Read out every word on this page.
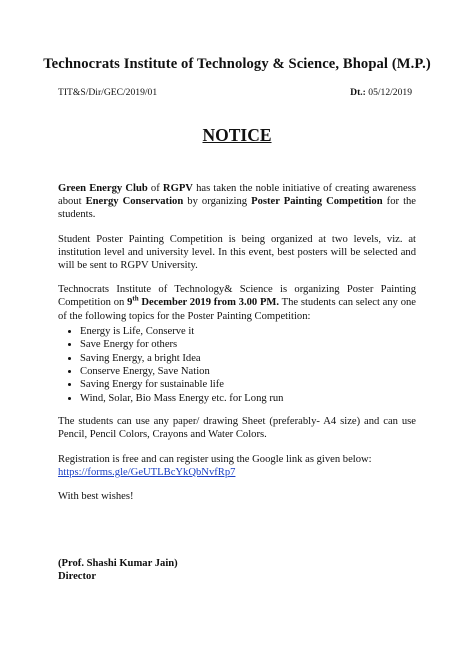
Technocrats Institute of Technology & Science, Bhopal (M.P.)
TIT&S/Dir/GEC/2019/01	Dt.: 05/12/2019
NOTICE

Green Energy Club of RGPV has taken the noble initiative of creating awareness about Energy Conservation by organizing Poster Painting Competition for the students.

Student Poster Painting Competition is being organized at two levels, viz. at institution level and university level. In this event, best posters will be selected and will be sent to RGPV University.

Technocrats Institute of Technology& Science is organizing Poster Painting Competition on 9th December 2019 from 3.00 PM. The students can select any one of the following topics for the Poster Painting Competition:

• Energy is Life, Conserve it
• Save Energy for others
• Saving Energy, a bright Idea
• Conserve Energy, Save Nation
• Saving Energy for sustainable life
• Wind, Solar, Bio Mass Energy etc. for Long run

The students can use any paper/ drawing Sheet (preferably- A4 size) and can use Pencil, Pencil Colors, Crayons and Water Colors.

Registration is free and can register using the Google link as given below:
https://forms.gle/GeUTLBcYkQbNvfRp7

With best wishes!

(Prof. Shashi Kumar Jain)
Director
